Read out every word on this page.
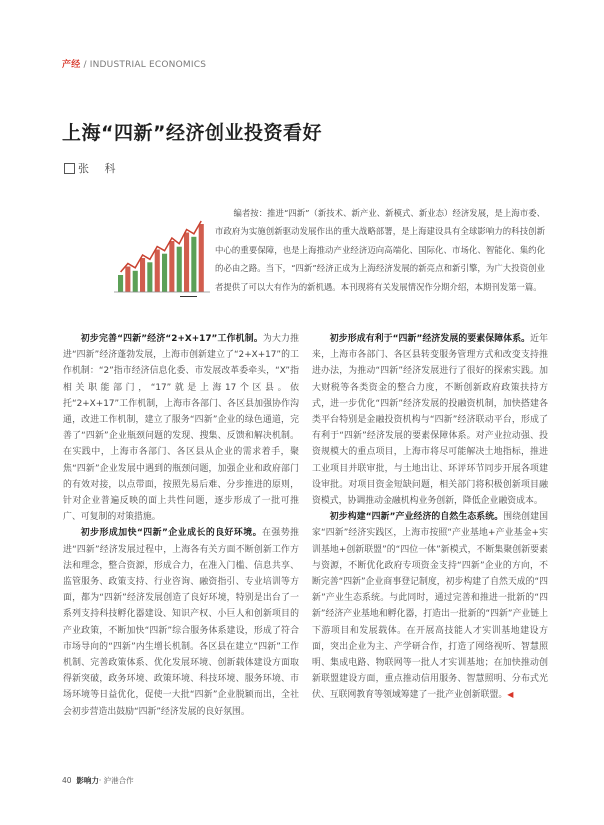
产经 / INDUSTRIAL ECONOMICS
上海“四新”经济创业投资看好
张 科

编者按：推进“四新”（新技术、新产业、新模式、新业态）经济发展，是上海市委、市政府为实施创新驱动发展作出的重大战略部署，是上海建设具有全球影响力的科技创新中心的重要保障，也是上海推动产业经济迈向高端化、国际化、市场化、智能化、集约化的必由之路。当下，“四新”经济正成为上海经济发展的新亮点和新引擎，为广大投资创业者提供了可以大有作为的新机遇。本刊现将有关发展情况作分期介绍，本期刊发第一篇。

初步完善“四新”经济“2+X+17”工作机制。为大力推进“四新”经济蓬勃发展，上海市创新建立了“2+X+17”的工作机制：“2”指市经济信息化委、市发展改革委牵头，“X”指相关职能部门，“17”就是上海17个区县。依托“2+X+17”工作机制，上海市各部门、各区县加强协作沟通，改进工作机制，建立了服务“四新”企业的绿色通道，完善了“四新”企业瓶颈问题的发现、搜集、反馈和解决机制。在实践中，上海市各部门、各区县从企业的需求着手，聚焦“四新”企业发展中遇到的瓶颈问题，加强企业和政府部门的有效对接，以点带面，按照先易后难、分步推进的原则，针对企业普遍反映的面上共性问题，逐步形成了一批可推广、可复制的对策措施。

初步形成加快“四新”企业成长的良好环境。在强势推进“四新”经济发展过程中，上海各有关方面不断创新工作方法和理念，整合资源，形成合力，在准入门槛、信息共享、监管服务、政策支持、行业咨询、融资指引、专业培训等方面，都为“四新”经济发展创造了良好环境，特别是出台了一系列支持科技孵化器建设、知识产权、小巨人和创新项目的产业政策，不断加快“四新”综合服务体系建设，形成了符合市场导向的“四新”内生增长机制。各区县在建立“四新”工作机制、完善政策体系、优化发展环境、创新载体建设方面取得新突破，政务环境、政策环境、科技环境、服务环境、市场环境等日益优化，促使一大批“四新”企业脱颖而出，全社会初步营造出鼓励“四新”经济发展的良好氛围。

初步形成有利于“四新”经济发展的要素保障体系。近年来，上海市各部门、各区县转变服务管理方式和改变支持推进办法，为推动“四新”经济发展进行了很好的探索实践。加大财税等各类资金的整合力度，不断创新政府政策扶持方式，进一步优化“四新”经济发展的投融资机制，加快搭建各类平台特别是金融投资机构与“四新”经济联动平台，形成了有利于“四新”经济发展的要素保障体系。对产业拉动强、投资规模大的重点项目，上海市将尽可能解决土地指标，推进工业项目并联审批，与土地出让、环评环节同步开展各项建设审批。对项目资金短缺问题，相关部门将积极创新项目融资模式，协调推动金融机构业务创新，降低企业融资成本。

初步构建“四新”产业经济的自然生态系统。围绕创建国家“四新”经济实践区，上海市按照“产业基地+产业基金+实训基地+创新联盟”的“四位一体”新模式，不断集聚创新要素与资源，不断优化政府专项资金支持“四新”企业的方向，不断完善“四新”企业商事登记制度，初步构建了自然天成的“四新”产业生态系统。与此同时，通过完善和推进一批新的“四新”经济产业基地和孵化器，打造出一批新的“四新”产业链上下游项目和发展载体。在开展高技能人才实训基地建设方面，突出企业为主、产学研合作，打造了网络视听、智慧照明、集成电路、物联网等一批人才实训基地；在加快推动创新联盟建设方面，重点推动信用服务、智慧照明、分布式光伏、互联网教育等领域筹建了一批产业创新联盟。◀

40 影响力· 沪港合作
